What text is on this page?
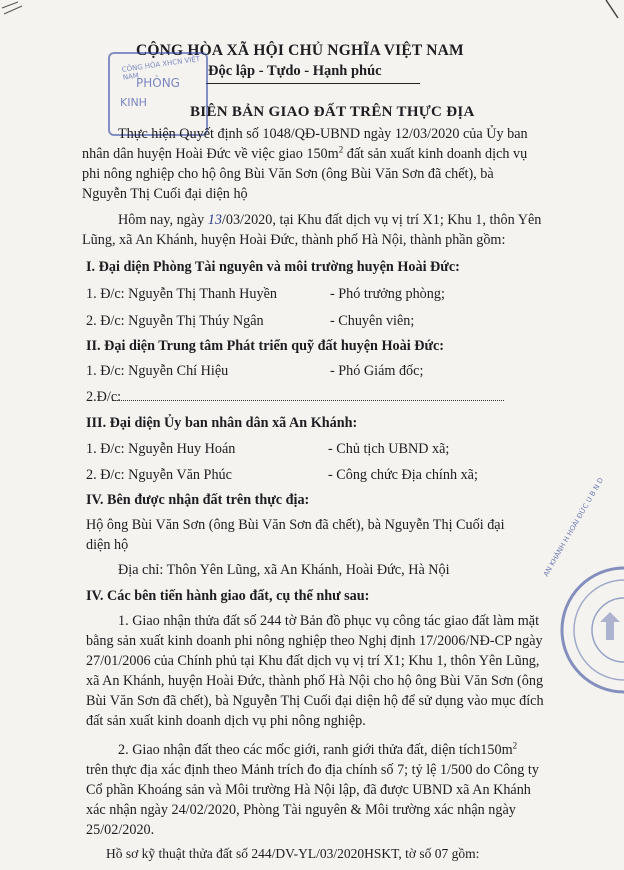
CỘNG HÒA XÃ HỘI CHỦ NGHĨA VIỆT NAM
Độc lập - Tựdo - Hạnh phúc
CÔNG HÒA XHCN VIỆT NAM
PHÒNG
KINH
BIÊN BẢN GIAO ĐẤT TRÊN THỰC ĐỊA
Thực hiện Quyết định số 1048/QĐ-UBND ngày 12/03/2020 của Ủy ban
nhân dân huyện Hoài Đức về việc giao $150m^2$ đất sản xuất kinh doanh dịch vụ
phi nông nghiệp cho hộ ông Bùi Văn Sơn (ông Bùi Văn Sơn đã chết), bà
Nguyễn Thị Cuối đại diện hộ
Hôm nay, ngày 13/03/2020, tại Khu đất dịch vụ vị trí X1; Khu 1, thôn Yên
Lũng, xã An Khánh, huyện Hoài Đức, thành phố Hà Nội, thành phần gồm:
I. Đại diện Phòng Tài nguyên và môi trường huyện Hoài Đức:
1. Đ/c: Nguyễn Thị Thanh Huyền	- Phó trưởng phòng;
2. Đ/c: Nguyễn Thị Thúy Ngân	- Chuyên viên;
II. Đại diện Trung tâm Phát triển quỹ đất huyện Hoài Đức:
1. Đ/c: Nguyễn Chí Hiệu	- Phó Giám đốc;
2.Đ/c:
III. Đại diện Ủy ban nhân dân xã An Khánh:
1. Đ/c: Nguyễn Huy Hoán	- Chủ tịch UBND xã;
2. Đ/c: Nguyễn Văn Phúc	- Công chức Địa chính xã;
IV. Bên được nhận đất trên thực địa:
Hộ ông Bùi Văn Sơn (ông Bùi Văn Sơn đã chết), bà Nguyễn Thị Cuối đại
diện hộ
Địa chỉ: Thôn Yên Lũng, xã An Khánh, Hoài Đức, Hà Nội
IV. Các bên tiến hành giao đất, cụ thể như sau:
1. Giao nhận thửa đất số 244 tờ Bản đồ phục vụ công tác giao đất làm mặt
bằng sản xuất kinh doanh phi nông nghiệp theo Nghị định 17/2006/NĐ-CP ngày
27/01/2006 của Chính phủ tại Khu đất dịch vụ vị trí X1; Khu 1, thôn Yên Lũng,
xã An Khánh, huyện Hoài Đức, thành phố Hà Nội cho hộ ông Bùi Văn Sơn (ông
Bùi Văn Sơn đã chết), bà Nguyễn Thị Cuối đại diện hộ để sử dụng vào mục đích
đất sản xuất kinh doanh dịch vụ phi nông nghiệp.
2. Giao nhận đất theo các mốc giới, ranh giới thửa đất, diện $tích150m^2$
trên thực địa xác định theo Mảnh trích đo địa chính số 7; tỷ lệ 1/500 do Công ty
Cổ phần Khoáng sản và Môi trường Hà Nội lập, đã được UBND xã An Khánh
xác nhận ngày 24/02/2020, Phòng Tài nguyên & Môi trường xác nhận ngày
25/02/2020.
Hồ sơ kỹ thuật thửa đất số 244/DV-YL/03/2020HSKT, tờ số 07 gồm:
AN KHÁNH H HOÀI ĐỨC U B N D
